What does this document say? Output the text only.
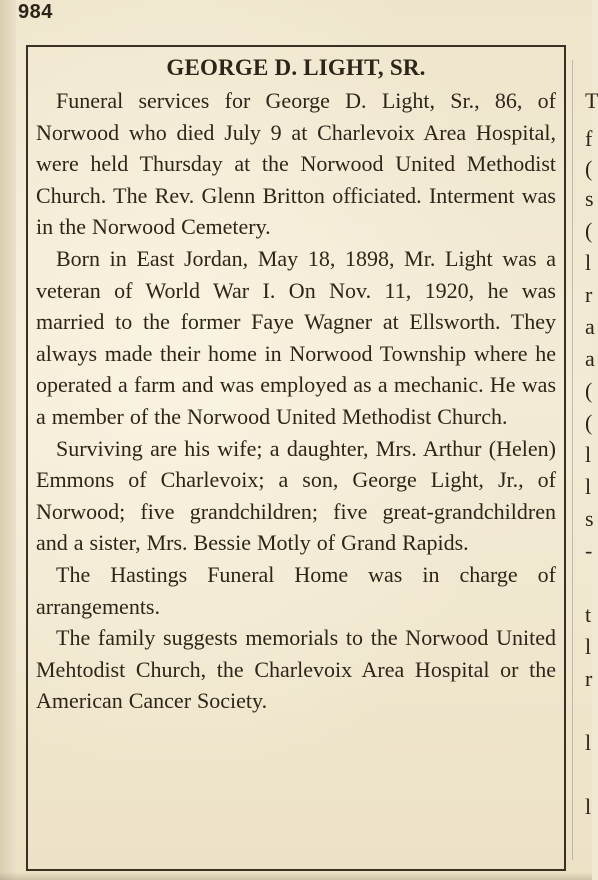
984
GEORGE D. LIGHT, SR.

Funeral services for George D. Light, Sr., 86, of Norwood who died July 9 at Charlevoix Area Hospital, were held Thursday at the Norwood United Methodist Church. The Rev. Glenn Britton officiated. Interment was in the Norwood Cemetery.

Born in East Jordan, May 18, 1898, Mr. Light was a veteran of World War I. On Nov. 11, 1920, he was married to the former Faye Wagner at Ellsworth. They always made their home in Norwood Township where he operated a farm and was employed as a mechanic. He was a member of the Norwood United Methodist Church.

Surviving are his wife; a daughter, Mrs. Arthur (Helen) Emmons of Charlevoix; a son, George Light, Jr., of Norwood; five grandchildren; five great-grandchildren and a sister, Mrs. Bessie Motly of Grand Rapids.

The Hastings Funeral Home was in charge of arrangements.

The family suggests memorials to the Norwood United Mehtodist Church, the Charlevoix Area Hospital or the American Cancer Society.

T
f
(
s
(
l
r
a
a
(
(
l
l
s
-
t
l
r
l
l
